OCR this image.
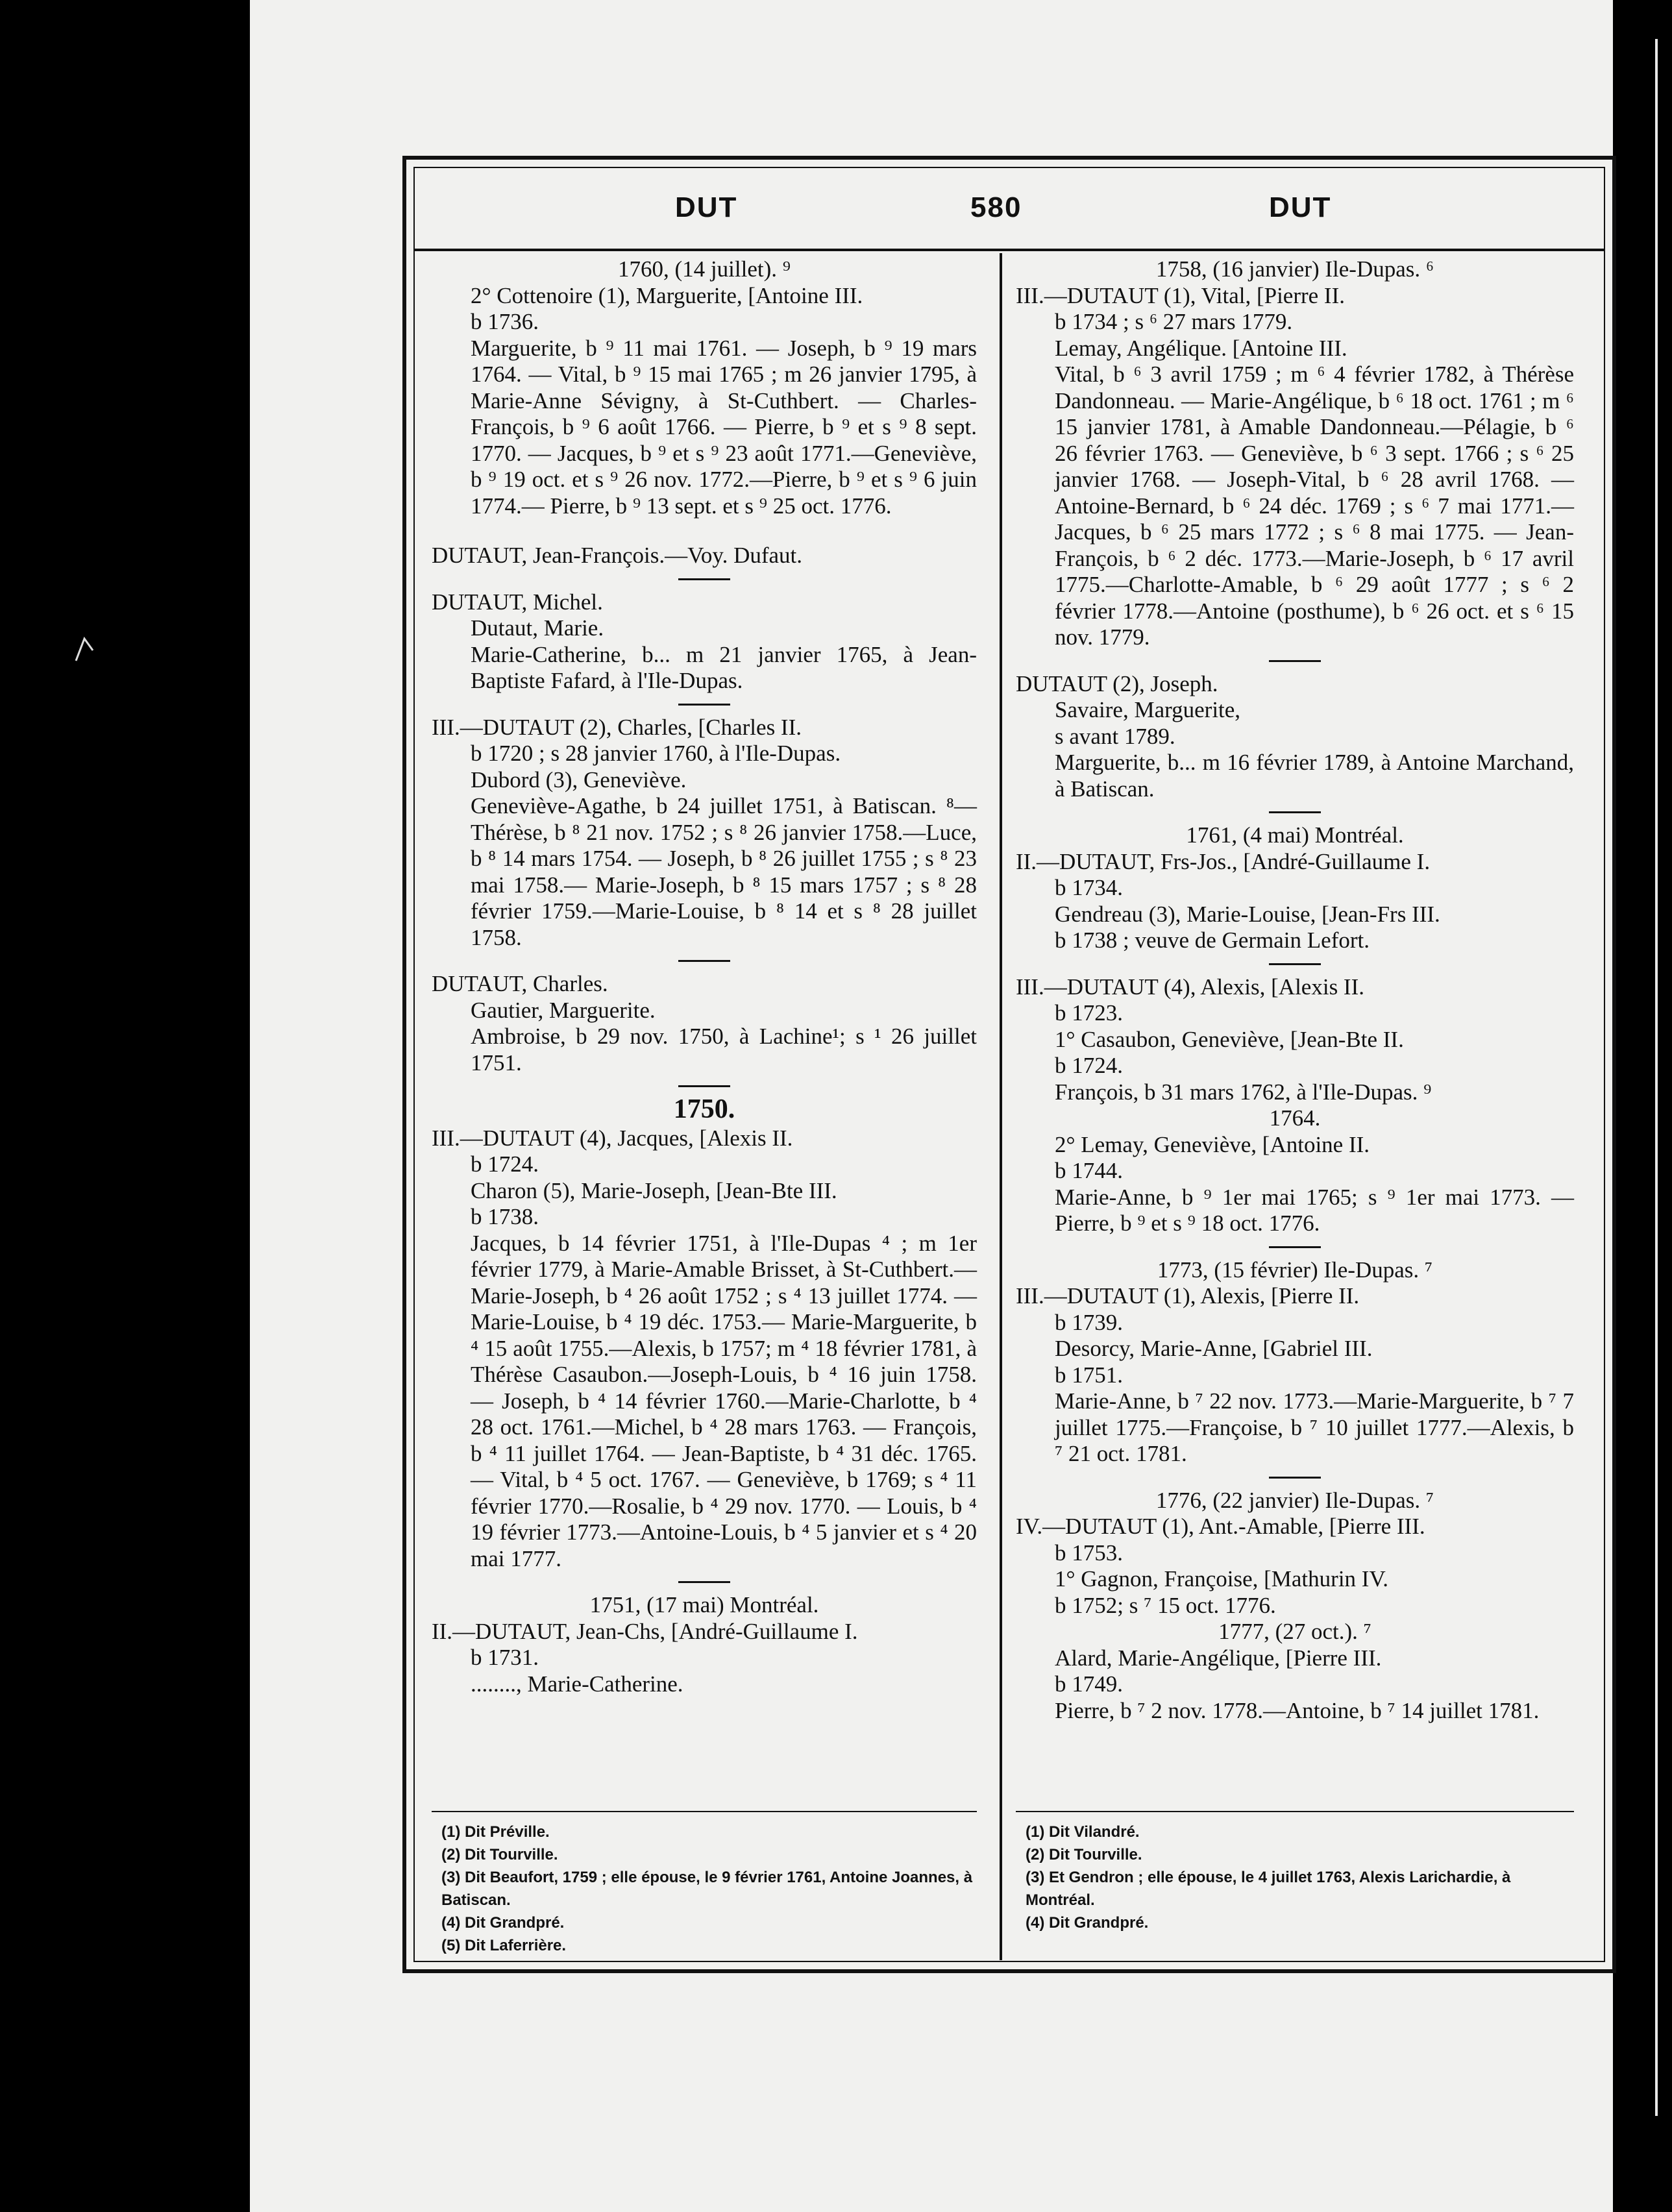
DUT	580	DUT
1760, (14 juillet). ⁹
2° Cottenoire (1), Marguerite, [Antoine III.
b 1736.
Marguerite, b ⁹ 11 mai 1761. — Joseph, b ⁹ 19 mars 1764. — Vital, b ⁹ 15 mai 1765 ; m 26 janvier 1795, à Marie-Anne Sévigny, à St-Cuthbert. — Charles-François, b ⁹ 6 août 1766. — Pierre, b ⁹ et s ⁹ 8 sept. 1770. — Jacques, b ⁹ et s ⁹ 23 août 1771.—Geneviève, b ⁹ 19 oct. et s ⁹ 26 nov. 1772.—Pierre, b ⁹ et s ⁹ 6 juin 1774.— Pierre, b ⁹ 13 sept. et s ⁹ 25 oct. 1776.
DUTAUT, Jean-François.—Voy. Dufaut.
DUTAUT, Michel.
Dutaut, Marie.
Marie-Catherine, b... m 21 janvier 1765, à Jean-Baptiste Fafard, à l'Ile-Dupas.
III.—DUTAUT (2), Charles, [Charles II.
b 1720 ; s 28 janvier 1760, à l'Ile-Dupas.
Dubord (3), Geneviève.
Geneviève-Agathe, b 24 juillet 1751, à Batiscan. ⁸—Thérèse, b ⁸ 21 nov. 1752 ; s ⁸ 26 janvier 1758.—Luce, b ⁸ 14 mars 1754. — Joseph, b ⁸ 26 juillet 1755 ; s ⁸ 23 mai 1758.— Marie-Joseph, b ⁸ 15 mars 1757 ; s ⁸ 28 février 1759.—Marie-Louise, b ⁸ 14 et s ⁸ 28 juillet 1758.
DUTAUT, Charles.
Gautier, Marguerite.
Ambroise, b 29 nov. 1750, à Lachine¹; s ¹ 26 juillet 1751.
1750.
III.—DUTAUT (4), Jacques, [Alexis II.
b 1724.
Charon (5), Marie-Joseph, [Jean-Bte III.
b 1738.
Jacques, b 14 février 1751, à l'Ile-Dupas ⁴ ; m 1er février 1779, à Marie-Amable Brisset, à St-Cuthbert.—Marie-Joseph, b ⁴ 26 août 1752 ; s ⁴ 13 juillet 1774. — Marie-Louise, b ⁴ 19 déc. 1753.— Marie-Marguerite, b ⁴ 15 août 1755.—Alexis, b 1757; m ⁴ 18 février 1781, à Thérèse Casaubon.—Joseph-Louis, b ⁴ 16 juin 1758. — Joseph, b ⁴ 14 février 1760.—Marie-Charlotte, b ⁴ 28 oct. 1761.—Michel, b ⁴ 28 mars 1763. — François, b ⁴ 11 juillet 1764. — Jean-Baptiste, b ⁴ 31 déc. 1765. — Vital, b ⁴ 5 oct. 1767. — Geneviève, b 1769; s ⁴ 11 février 1770.—Rosalie, b ⁴ 29 nov. 1770. — Louis, b ⁴ 19 février 1773.—Antoine-Louis, b ⁴ 5 janvier et s ⁴ 20 mai 1777.
1751, (17 mai) Montréal.
II.—DUTAUT, Jean-Chs, [André-Guillaume I.
b 1731.
........, Marie-Catherine.
1758, (16 janvier) Ile-Dupas. ⁶
III.—DUTAUT (1), Vital, [Pierre II.
b 1734 ; s ⁶ 27 mars 1779.
Lemay, Angélique. [Antoine III.
Vital, b ⁶ 3 avril 1759 ; m ⁶ 4 février 1782, à Thérèse Dandonneau. — Marie-Angélique, b ⁶ 18 oct. 1761 ; m ⁶ 15 janvier 1781, à Amable Dandonneau.—Pélagie, b ⁶ 26 février 1763. — Geneviève, b ⁶ 3 sept. 1766 ; s ⁶ 25 janvier 1768. — Joseph-Vital, b ⁶ 28 avril 1768. — Antoine-Bernard, b ⁶ 24 déc. 1769 ; s ⁶ 7 mai 1771.—Jacques, b ⁶ 25 mars 1772 ; s ⁶ 8 mai 1775. — Jean-François, b ⁶ 2 déc. 1773.—Marie-Joseph, b ⁶ 17 avril 1775.—Charlotte-Amable, b ⁶ 29 août 1777 ; s ⁶ 2 février 1778.—Antoine (posthume), b ⁶ 26 oct. et s ⁶ 15 nov. 1779.
DUTAUT (2), Joseph.
Savaire, Marguerite,
s avant 1789.
Marguerite, b... m 16 février 1789, à Antoine Marchand, à Batiscan.
1761, (4 mai) Montréal.
II.—DUTAUT, Frs-Jos., [André-Guillaume I.
b 1734.
Gendreau (3), Marie-Louise, [Jean-Frs III.
b 1738 ; veuve de Germain Lefort.
III.—DUTAUT (4), Alexis, [Alexis II.
b 1723.
1° Casaubon, Geneviève, [Jean-Bte II.
b 1724.
François, b 31 mars 1762, à l'Ile-Dupas. ⁹
1764.
2° Lemay, Geneviève, [Antoine II.
b 1744.
Marie-Anne, b ⁹ 1er mai 1765; s ⁹ 1er mai 1773. —Pierre, b ⁹ et s ⁹ 18 oct. 1776.
1773, (15 février) Ile-Dupas. ⁷
III.—DUTAUT (1), Alexis, [Pierre II.
b 1739.
Desorcy, Marie-Anne, [Gabriel III.
b 1751.
Marie-Anne, b ⁷ 22 nov. 1773.—Marie-Marguerite, b ⁷ 7 juillet 1775.—Françoise, b ⁷ 10 juillet 1777.—Alexis, b ⁷ 21 oct. 1781.
1776, (22 janvier) Ile-Dupas. ⁷
IV.—DUTAUT (1), Ant.-Amable, [Pierre III.
b 1753.
1° Gagnon, Françoise, [Mathurin IV.
b 1752; s ⁷ 15 oct. 1776.
1777, (27 oct.). ⁷
Alard, Marie-Angélique, [Pierre III.
b 1749.
Pierre, b ⁷ 2 nov. 1778.—Antoine, b ⁷ 14 juillet 1781.
(1) Dit Préville.
(2) Dit Tourville.
(3) Dit Beaufort, 1759 ; elle épouse, le 9 février 1761, Antoine Joannes, à Batiscan.
(4) Dit Grandpré.
(5) Dit Laferrière.
(1) Dit Vilandré.
(2) Dit Tourville.
(3) Et Gendron ; elle épouse, le 4 juillet 1763, Alexis Larichardie, à Montréal.
(4) Dit Grandpré.
